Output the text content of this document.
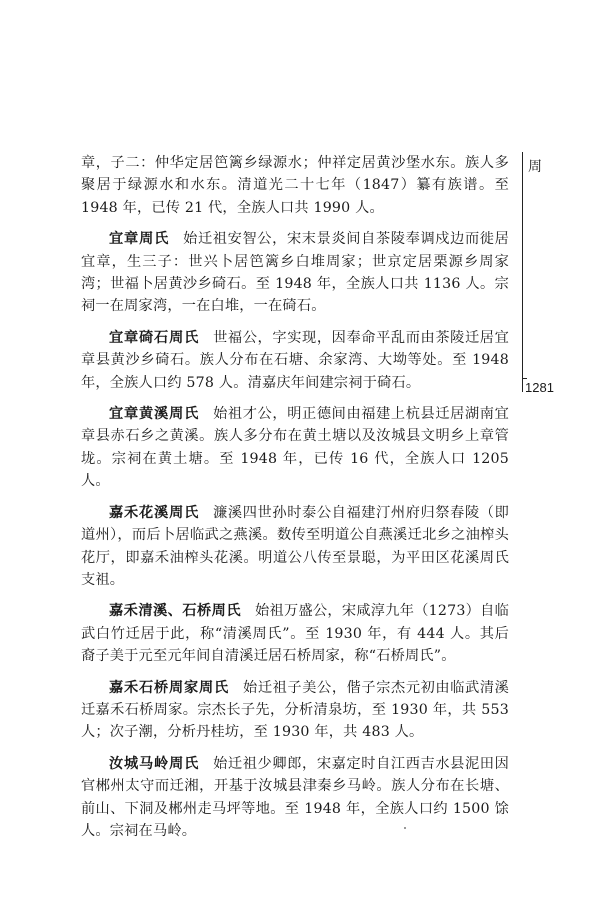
章，子二：仲华定居笆篱乡绿源水；仲祥定居黄沙堡水东。族人多聚居于绿源水和水东。清道光二十七年（1847）纂有族谱。至 1948 年，已传 21 代，全族人口共 1990 人。

宜章周氏 始迁祖安智公，宋末景炎间自茶陵奉调戍边而徙居宜章，生三子：世兴卜居笆篱乡白堆周家；世京定居栗源乡周家湾；世福卜居黄沙乡碕石。至 1948 年，全族人口共 1136 人。宗祠一在周家湾，一在白堆，一在碕石。

宜章碕石周氏 世福公，字实现，因奉命平乱而由茶陵迁居宜章县黄沙乡碕石。族人分布在石塘、余家湾、大坳等处。至 1948 年，全族人口约 578 人。清嘉庆年间建宗祠于碕石。

宜章黄溪周氏 始祖才公，明正德间由福建上杭县迁居湖南宜章县赤石乡之黄溪。族人多分布在黄土塘以及汝城县文明乡上章管垅。宗祠在黄土塘。至 1948 年，已传 16 代，全族人口 1205 人。

嘉禾花溪周氏 濂溪四世孙时泰公自福建汀州府归祭春陵（即道州），而后卜居临武之燕溪。数传至明道公自燕溪迁北乡之油榨头花厅，即嘉禾油榨头花溪。明道公八传至景聪，为平田区花溪周氏支祖。

嘉禾清溪、石桥周氏 始祖万盛公，宋咸淳九年（1273）自临武白竹迁居于此，称“清溪周氏”。至 1930 年，有 444 人。其后裔子美于元至元年间自清溪迁居石桥周家，称“石桥周氏”。

嘉禾石桥周家周氏 始迁祖子美公，偕子宗杰元初由临武清溪迁嘉禾石桥周家。宗杰长子先，分析清泉坊，至 1930 年，共 553 人；次子潮，分析丹桂坊，至 1930 年，共 483 人。

汝城马岭周氏 始迁祖少卿郎，宋嘉定时自江西吉水县泥田因官郴州太守而迁湘，开基于汝城县津秦乡马岭。族人分布在长塘、前山、下洞及郴州走马坪等地。至 1948 年，全族人口约 1500 馀人。宗祠在马岭。

周
1281
